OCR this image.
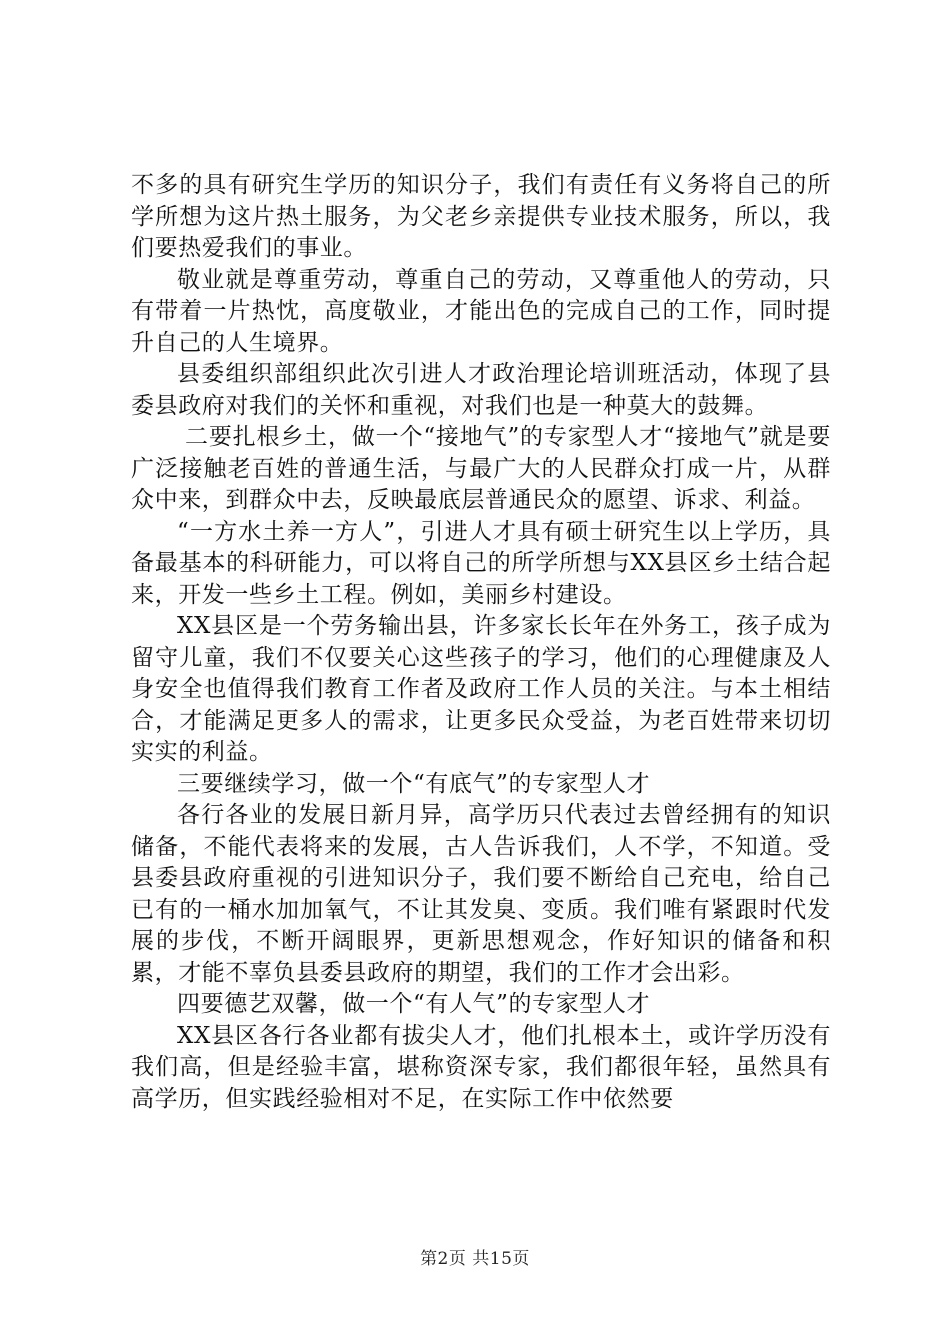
不多的具有研究生学历的知识分子，我们有责任有义务将自己的所学所想为这片热土服务，为父老乡亲提供专业技术服务，所以，我们要热爱我们的事业。

敬业就是尊重劳动，尊重自己的劳动，又尊重他人的劳动，只有带着一片热忱，高度敬业，才能出色的完成自己的工作，同时提升自己的人生境界。

县委组织部组织此次引进人才政治理论培训班活动，体现了县委县政府对我们的关怀和重视，对我们也是一种莫大的鼓舞。

二要扎根乡土，做一个“接地气”的专家型人才“接地气”就是要广泛接触老百姓的普通生活，与最广大的人民群众打成一片，从群众中来，到群众中去，反映最底层普通民众的愿望、诉求、利益。

“一方水土养一方人”，引进人才具有硕士研究生以上学历，具备最基本的科研能力，可以将自己的所学所想与XX县区乡土结合起来，开发一些乡土工程。例如，美丽乡村建设。

XX县区是一个劳务输出县，许多家长长年在外务工，孩子成为留守儿童，我们不仅要关心这些孩子的学习，他们的心理健康及人身安全也值得我们教育工作者及政府工作人员的关注。与本土相结合，才能满足更多人的需求，让更多民众受益，为老百姓带来切切实实的利益。

三要继续学习，做一个“有底气”的专家型人才

各行各业的发展日新月异，高学历只代表过去曾经拥有的知识储备，不能代表将来的发展，古人告诉我们，人不学，不知道。受县委县政府重视的引进知识分子，我们要不断给自己充电，给自己已有的一桶水加加氧气，不让其发臭、变质。我们唯有紧跟时代发展的步伐，不断开阔眼界，更新思想观念，作好知识的储备和积累，才能不辜负县委县政府的期望，我们的工作才会出彩。

四要德艺双馨，做一个“有人气”的专家型人才

XX县区各行各业都有拔尖人才，他们扎根本土，或许学历没有我们高，但是经验丰富，堪称资深专家，我们都很年轻，虽然具有高学历，但实践经验相对不足，在实际工作中依然要

第2页 共15页
